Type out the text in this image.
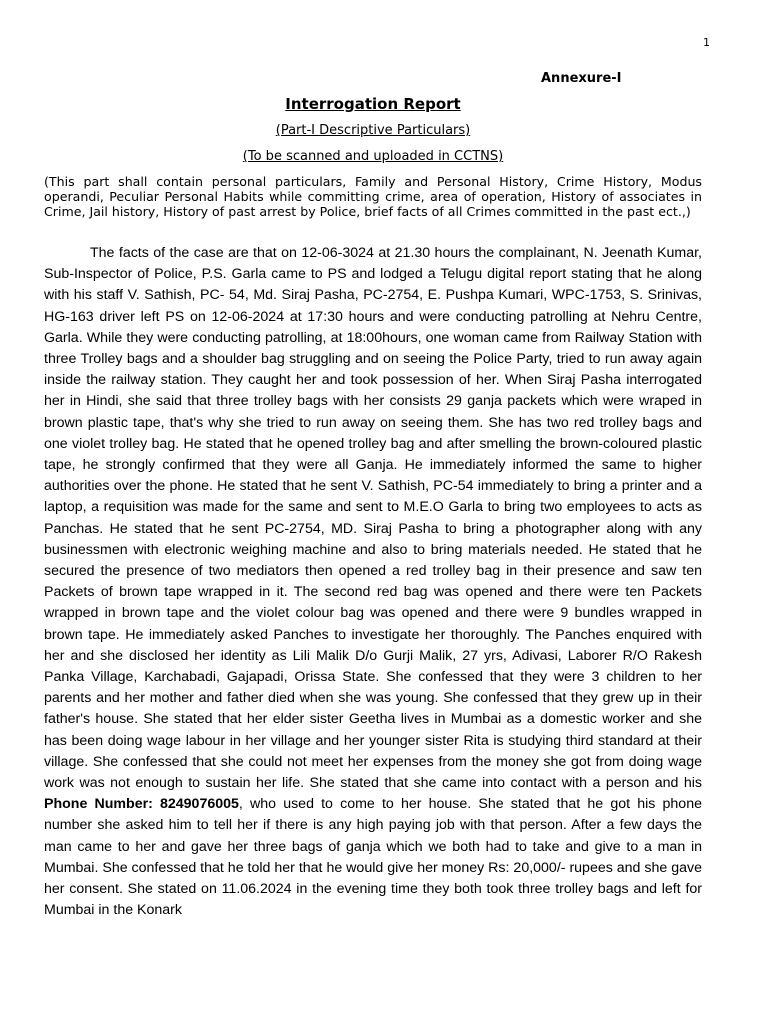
1
Annexure-I
Interrogation Report
(Part-I Descriptive Particulars)
(To be scanned and uploaded in CCTNS)
(This part shall contain personal particulars, Family and Personal History, Crime History, Modus operandi, Peculiar Personal Habits while committing crime, area of operation, History of associates in Crime, Jail history, History of past arrest by Police, brief facts of all Crimes committed in the past ect.,)

The facts of the case are that on 12-06-3024 at 21.30 hours the complainant, N. Jeenath Kumar, Sub-Inspector of Police, P.S. Garla came to PS and lodged a Telugu digital report stating that he along with his staff V. Sathish, PC- 54, Md. Siraj Pasha, PC-2754, E. Pushpa Kumari, WPC-1753, S. Srinivas, HG-163 driver left PS on 12-06-2024 at 17:30 hours and were conducting patrolling at Nehru Centre, Garla. While they were conducting patrolling, at 18:00hours, one woman came from Railway Station with three Trolley bags and a shoulder bag struggling and on seeing the Police Party, tried to run away again inside the railway station. They caught her and took possession of her. When Siraj Pasha interrogated her in Hindi, she said that three trolley bags with her consists 29 ganja packets which were wraped in brown plastic tape, that's why she tried to run away on seeing them. She has two red trolley bags and one violet trolley bag. He stated that he opened trolley bag and after smelling the brown-coloured plastic tape, he strongly confirmed that they were all Ganja. He immediately informed the same to higher authorities over the phone. He stated that he sent V. Sathish, PC-54 immediately to bring a printer and a laptop, a requisition was made for the same and sent to M.E.O Garla to bring two employees to acts as Panchas. He stated that he sent PC-2754, MD. Siraj Pasha to bring a photographer along with any businessmen with electronic weighing machine and also to bring materials needed. He stated that he secured the presence of two mediators then opened a red trolley bag in their presence and saw ten Packets of brown tape wrapped in it. The second red bag was opened and there were ten Packets wrapped in brown tape and the violet colour bag was opened and there were 9 bundles wrapped in brown tape. He immediately asked Panches to investigate her thoroughly. The Panches enquired with her and she disclosed her identity as Lili Malik D/o Gurji Malik, 27 yrs, Adivasi, Laborer R/O Rakesh Panka Village, Karchabadi, Gajapadi, Orissa State. She confessed that they were 3 children to her parents and her mother and father died when she was young. She confessed that they grew up in their father's house. She stated that her elder sister Geetha lives in Mumbai as a domestic worker and she has been doing wage labour in her village and her younger sister Rita is studying third standard at their village. She confessed that she could not meet her expenses from the money she got from doing wage work was not enough to sustain her life. She stated that she came into contact with a person and his Phone Number: 8249076005, who used to come to her house. She stated that he got his phone number she asked him to tell her if there is any high paying job with that person. After a few days the man came to her and gave her three bags of ganja which we both had to take and give to a man in Mumbai. She confessed that he told her that he would give her money Rs: 20,000/- rupees and she gave her consent. She stated on 11.06.2024 in the evening time they both took three trolley bags and left for Mumbai in the Konark
